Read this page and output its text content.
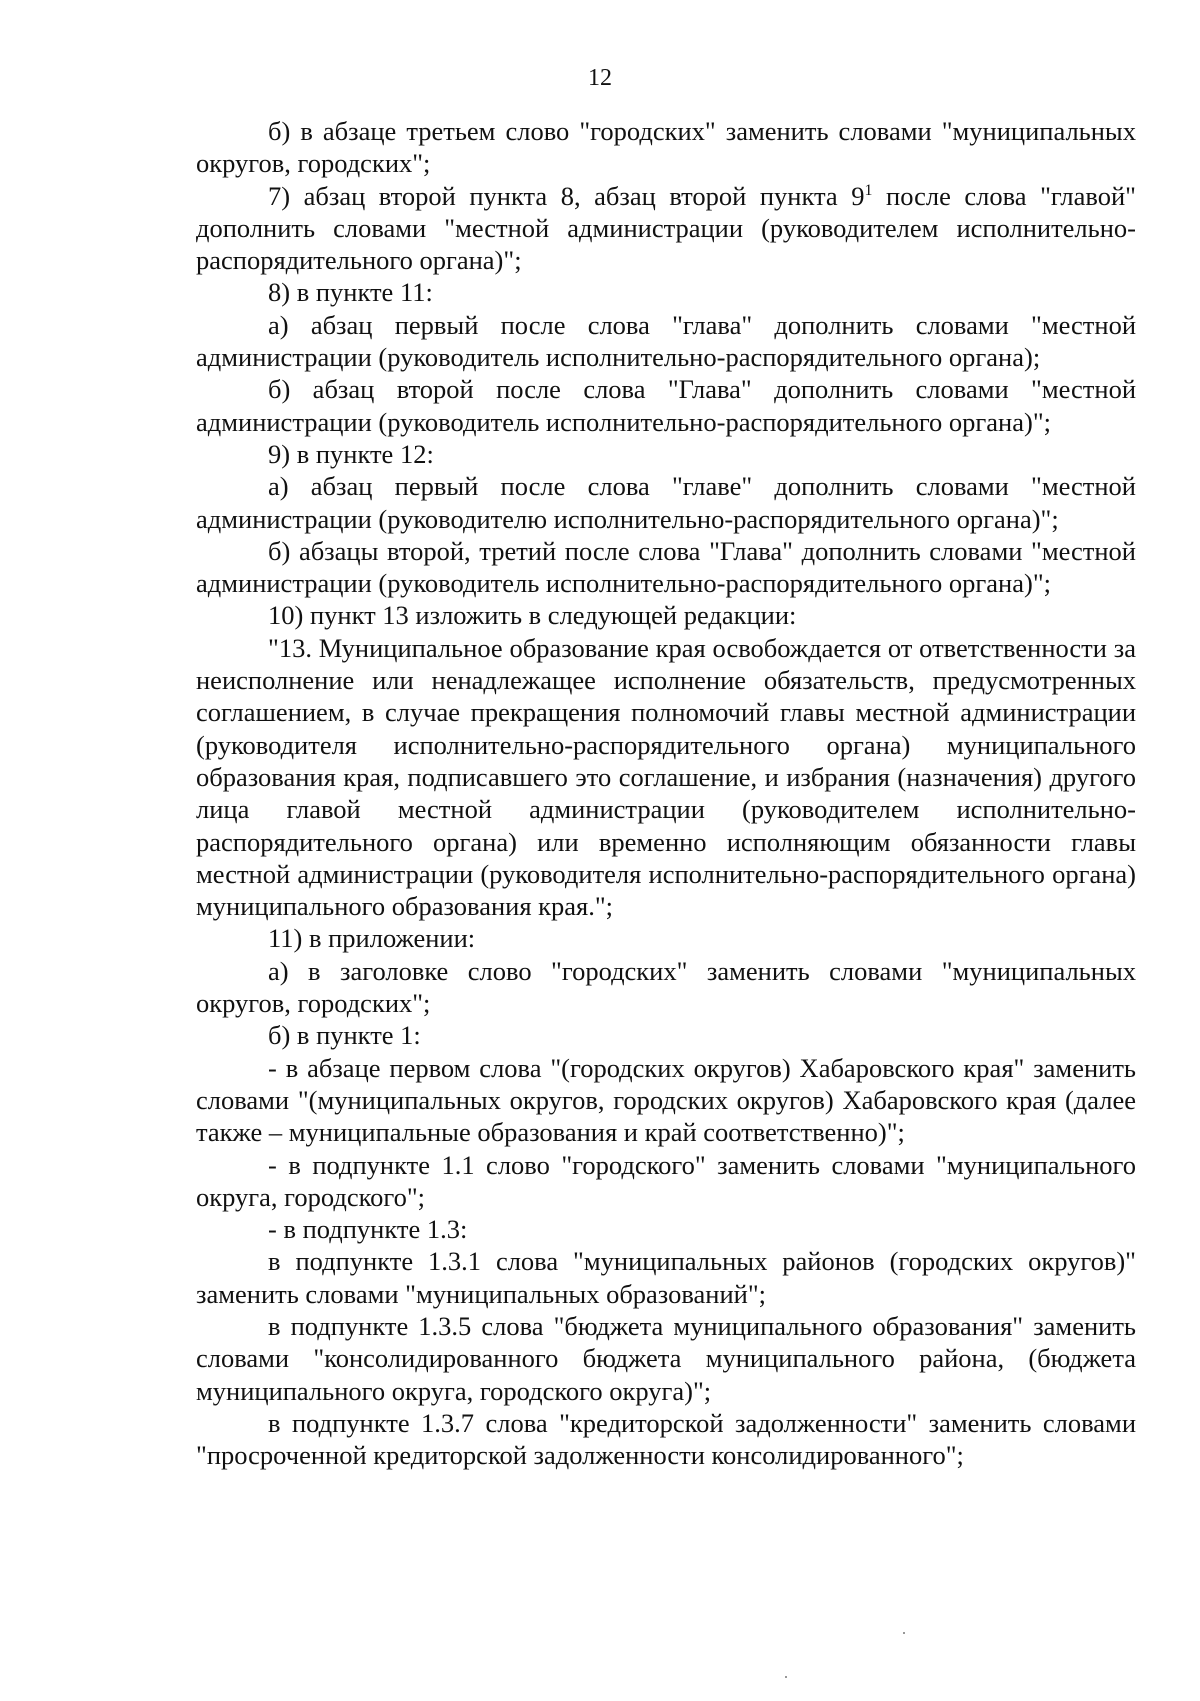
12

б) в абзаце третьем слово "городских" заменить словами "муниципальных округов, городских";

7) абзац второй пункта 8, абзац второй пункта $9^1$ после слова "главой" дополнить словами "местной администрации (руководителем исполнительно-распорядительного органа)";

8) в пункте 11:

а) абзац первый после слова "глава" дополнить словами "местной администрации (руководитель исполнительно-распорядительного органа);

б) абзац второй после слова "Глава" дополнить словами "местной администрации (руководитель исполнительно-распорядительного органа)";

9) в пункте 12:

а) абзац первый после слова "главе" дополнить словами "местной администрации (руководителю исполнительно-распорядительного органа)";

б) абзацы второй, третий после слова "Глава" дополнить словами "местной администрации (руководитель исполнительно-распорядительного органа)";

10) пункт 13 изложить в следующей редакции:

"13. Муниципальное образование края освобождается от ответственности за неисполнение или ненадлежащее исполнение обязательств, предусмотренных соглашением, в случае прекращения полномочий главы местной администрации (руководителя исполнительно-распорядительного органа) муниципального образования края, подписавшего это соглашение, и избрания (назначения) другого лица главой местной администрации (руководителем исполнительно-распорядительного органа) или временно исполняющим обязанности главы местной администрации (руководителя исполнительно-распорядительного органа) муниципального образования края.";

11) в приложении:

а) в заголовке слово "городских" заменить словами "муниципальных округов, городских";

б) в пункте 1:

- в абзаце первом слова "(городских округов) Хабаровского края" заменить словами "(муниципальных округов, городских округов) Хабаровского края (далее также – муниципальные образования и край соответственно)";

- в подпункте 1.1 слово "городского" заменить словами "муниципального округа, городского";

- в подпункте 1.3:

в подпункте 1.3.1 слова "муниципальных районов (городских округов)" заменить словами "муниципальных образований";

в подпункте 1.3.5 слова "бюджета муниципального образования" заменить словами "консолидированного бюджета муниципального района, (бюджета муниципального округа, городского округа)";

в подпункте 1.3.7 слова "кредиторской задолженности" заменить словами "просроченной кредиторской задолженности консолидированного";
